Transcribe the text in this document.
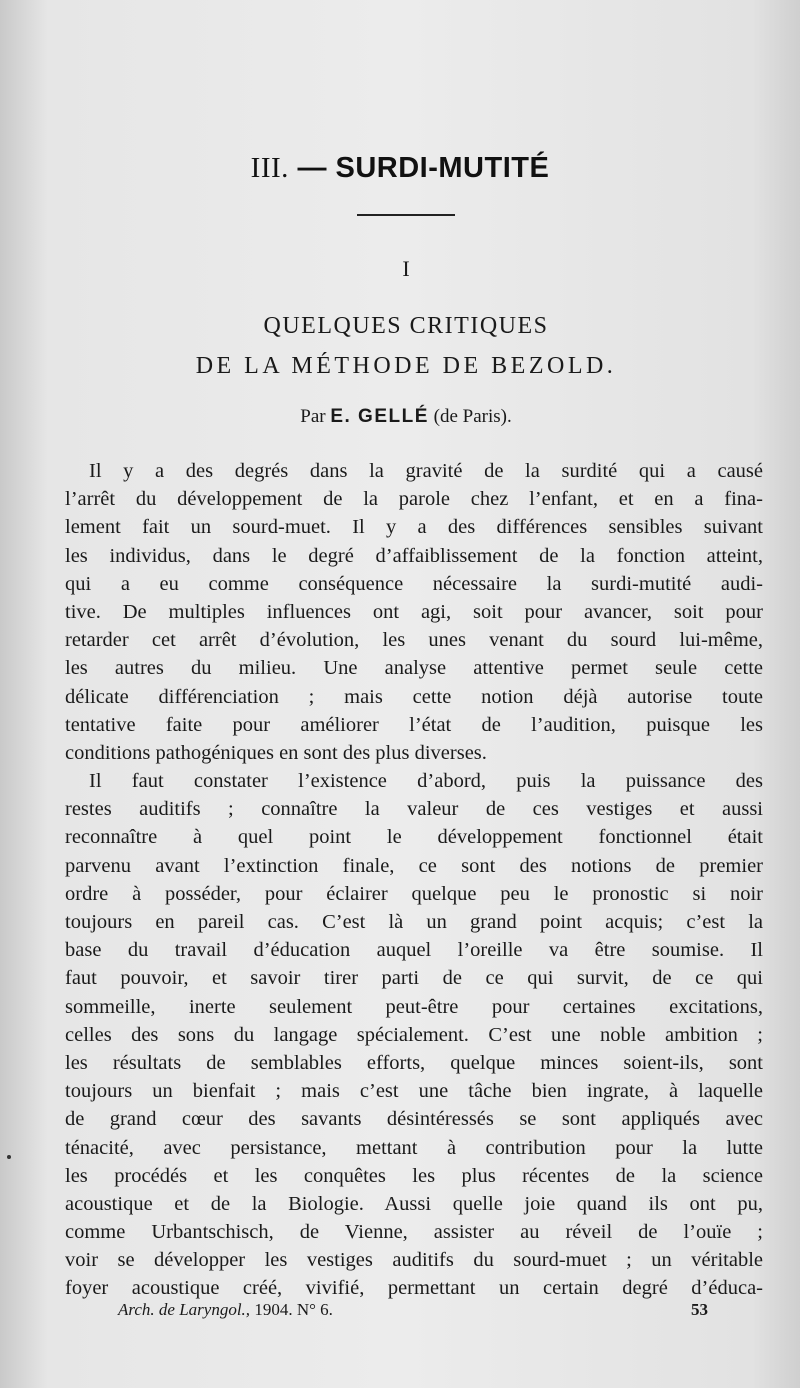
III. — SURDI-MUTITÉ
I
QUELQUES CRITIQUES
DE LA MÉTHODE DE BEZOLD.
Par E. GELLÉ (de Paris).
Il y a des degrés dans la gravité de la surdité qui a causé
l’arrêt du développement de la parole chez l’enfant, et en a fina-
lement fait un sourd-muet. Il y a des différences sensibles suivant
les individus, dans le degré d’affaiblissement de la fonction atteint,
qui a eu comme conséquence nécessaire la surdi-mutité audi-
tive. De multiples influences ont agi, soit pour avancer, soit pour
retarder cet arrêt d’évolution, les unes venant du sourd lui-même,
les autres du milieu. Une analyse attentive permet seule cette
délicate différenciation ; mais cette notion déjà autorise toute
tentative faite pour améliorer l’état de l’audition, puisque les
conditions pathogéniques en sont des plus diverses.
Il faut constater l’existence d’abord, puis la puissance des
restes auditifs ; connaître la valeur de ces vestiges et aussi
reconnaître à quel point le développement fonctionnel était
parvenu avant l’extinction finale, ce sont des notions de premier
ordre à posséder, pour éclairer quelque peu le pronostic si noir
toujours en pareil cas. C’est là un grand point acquis; c’est la
base du travail d’éducation auquel l’oreille va être soumise. Il
faut pouvoir, et savoir tirer parti de ce qui survit, de ce qui
sommeille, inerte seulement peut-être pour certaines excitations,
celles des sons du langage spécialement. C’est une noble ambition ;
les résultats de semblables efforts, quelque minces soient-ils, sont
toujours un bienfait ; mais c’est une tâche bien ingrate, à laquelle
de grand cœur des savants désintéressés se sont appliqués avec
ténacité, avec persistance, mettant à contribution pour la lutte
les procédés et les conquêtes les plus récentes de la science
acoustique et de la Biologie. Aussi quelle joie quand ils ont pu,
comme Urbantschisch, de Vienne, assister au réveil de l’ouïe ;
voir se développer les vestiges auditifs du sourd-muet ; un véritable
foyer acoustique créé, vivifié, permettant un certain degré d’éduca-
Arch. de Laryngol., 1904. N° 6.	53
